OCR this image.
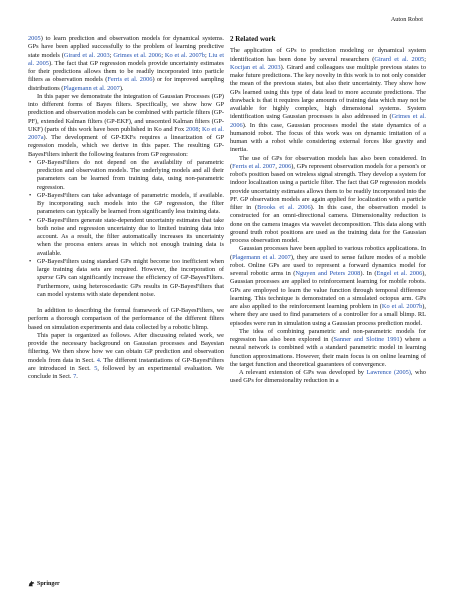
Auton Robot

2005) to learn prediction and observation models for dynamical systems. GPs have been applied successfully to the problem of learning predictive state models (Girard et al. 2003; Grimes et al. 2006; Ko et al. 2007b; Liu et al. 2005). The fact that GP regression models provide uncertainty estimates for their predictions allows them to be readily incorporated into particle filters as observation models (Ferris et al. 2006) or for improved sampling distributions (Plagemann et al. 2007).

In this paper we demonstrate the integration of Gaussian Processes (GP) into different forms of Bayes filters. Specifically, we show how GP prediction and observation models can be combined with particle filters (GP-PF), extended Kalman filters (GP-EKF), and unscented Kalman filters (GP-UKF) (parts of this work have been published in Ko and Fox 2008; Ko et al. 2007a). The development of GP-EKFs requires a linearization of GP regression models, which we derive in this paper. The resulting GP-BayesFilters inherit the following features from GP regression:

• GP-BayesFilters do not depend on the availability of parametric prediction and observation models. The underlying models and all their parameters can be learned from training data, using non-parametric regression.
• GP-BayesFilters can take advantage of parametric models, if available. By incorporating such models into the GP regression, the filter parameters can typically be learned from significantly less training data.
• GP-BayesFilters generate state-dependent uncertainty estimates that take both noise and regression uncertainty due to limited training data into account. As a result, the filter automatically increases its uncertainty when the process enters areas in which not enough training data is available.
• GP-BayesFilters using standard GPs might become too inefficient when large training data sets are required. However, the incorporation of sparse GPs can significantly increase the efficiency of GP-BayesFilters. Furthermore, using heteroscedastic GPs results in GP-BayesFilters that can model systems with state dependent noise.

In addition to describing the formal framework of GP-BayesFilters, we perform a thorough comparison of the performance of the different filters based on simulation experiments and data collected by a robotic blimp.

This paper is organized as follows. After discussing related work, we provide the necessary background on Gaussian processes and Bayesian filtering. We then show how we can obtain GP prediction and observation models from data in Sect. 4. The different instantiations of GP-BayesFilters are introduced in Sect. 5, followed by an experimental evaluation. We conclude in Sect. 7.

2 Related work

The application of GPs to prediction modeling or dynamical system identification has been done by several researchers (Girard et al. 2005; Kocijan et al. 2003). Girard and colleagues use multiple previous states to make future predictions. The key novelty in this work is to not only consider the mean of the previous states, but also their uncertainty. They show how GPs learned using this type of data lead to more accurate predictions. The drawback is that it requires large amounts of training data which may not be available for highly complex, high dimensional systems. System identification using Gaussian processes is also addressed in (Grimes et al. 2006). In this case, Gaussian processes model the state dynamics of a humanoid robot. The focus of this work was on dynamic imitation of a human with a robot while considering external forces like gravity and inertia.

The use of GPs for observation models has also been considered. In (Ferris et al. 2007, 2006), GPs represent observation models for a person's or robot's position based on wireless signal strength. They develop a system for indoor localization using a particle filter. The fact that GP regression models provide uncertainty estimates allows them to be readily incorporated into the PF. GP observation models are again applied for localization with a particle filter in (Brooks et al. 2006). In this case, the observation model is constructed for an omni-directional camera. Dimensionality reduction is done on the camera images via wavelet decomposition. This data along with ground truth robot positions are used as the training data for the Gaussian process observation model.

Gaussian processes have been applied to various robotics applications. In (Plagemann et al. 2007), they are used to sense failure modes of a mobile robot. Online GPs are used to represent a forward dynamics model for several robotic arms in (Nguyen and Peters 2008). In (Engel et al. 2006), Gaussian processes are applied to reinforcement learning for mobile robots. GPs are employed to learn the value function through temporal difference learning. This technique is demonstrated on a simulated octopus arm. GPs are also applied to the reinforcement learning problem in (Ko et al. 2007b), where they are used to find parameters of a controller for a small blimp. RL episodes were run in simulation using a Gaussian process prediction model.

The idea of combining parametric and non-parametric models for regression has also been explored in (Sanner and Slotine 1991) where a neural network is combined with a standard parametric model in learning function approximations. However, their main focus is on online learning of the target function and theoretical guarantees of convergence.

A relevant extension of GPs was developed by Lawrence (2005), who used GPs for dimensionality reduction in a

Springer
